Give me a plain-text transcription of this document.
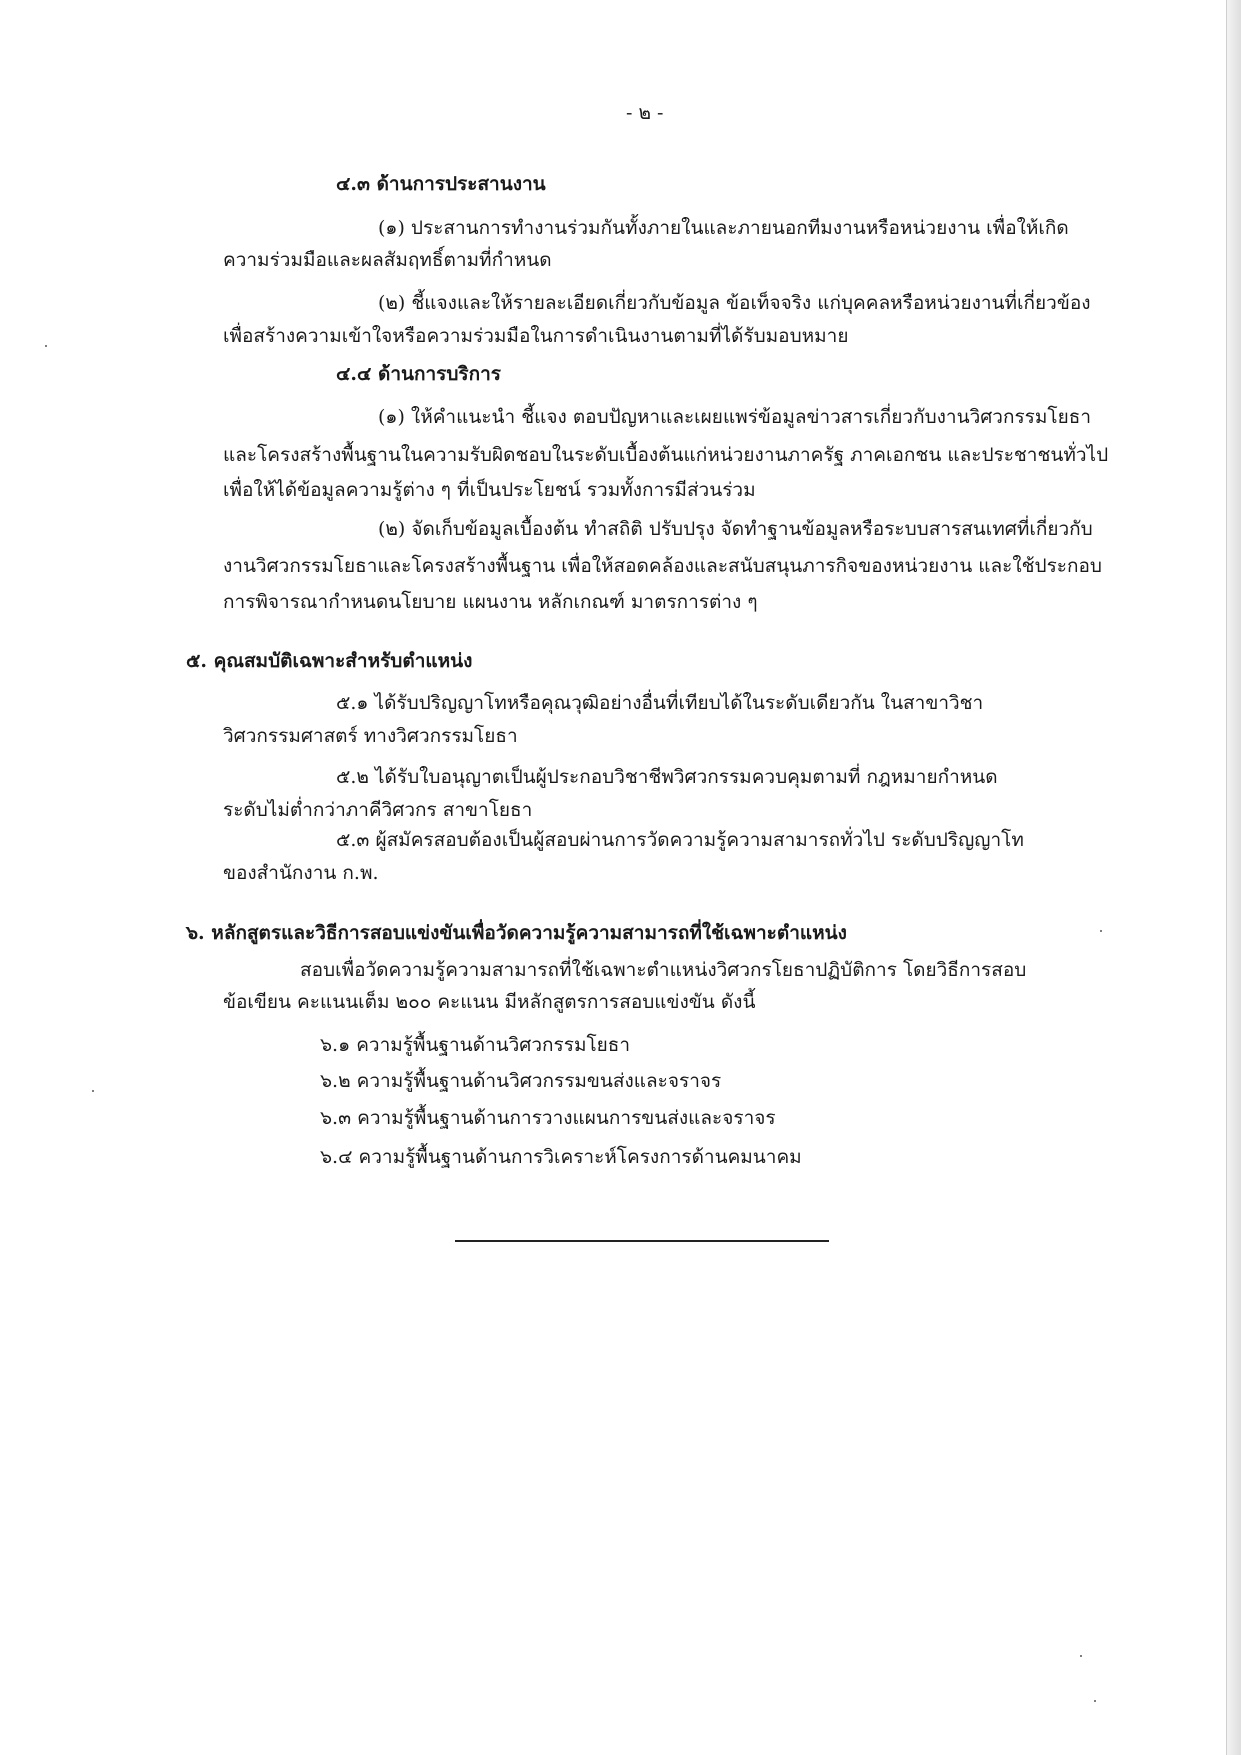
- ๒ -
๔.๓ ด้านการประสานงาน
(๑) ประสานการทำงานร่วมกันทั้งภายในและภายนอกทีมงานหรือหน่วยงาน เพื่อให้เกิด
ความร่วมมือและผลสัมฤทธิ์ตามที่กำหนด
(๒) ชี้แจงและให้รายละเอียดเกี่ยวกับข้อมูล ข้อเท็จจริง แก่บุคคลหรือหน่วยงานที่เกี่ยวข้อง
เพื่อสร้างความเข้าใจหรือความร่วมมือในการดำเนินงานตามที่ได้รับมอบหมาย
๔.๔ ด้านการบริการ
(๑) ให้คำแนะนำ ชี้แจง ตอบปัญหาและเผยแพร่ข้อมูลข่าวสารเกี่ยวกับงานวิศวกรรมโยธา
และโครงสร้างพื้นฐานในความรับผิดชอบในระดับเบื้องต้นแก่หน่วยงานภาครัฐ ภาคเอกชน และประชาชนทั่วไป
เพื่อให้ได้ข้อมูลความรู้ต่าง ๆ ที่เป็นประโยชน์ รวมทั้งการมีส่วนร่วม
(๒) จัดเก็บข้อมูลเบื้องต้น ทำสถิติ ปรับปรุง จัดทำฐานข้อมูลหรือระบบสารสนเทศที่เกี่ยวกับ
งานวิศวกรรมโยธาและโครงสร้างพื้นฐาน เพื่อให้สอดคล้องและสนับสนุนภารกิจของหน่วยงาน และใช้ประกอบ
การพิจารณากำหนดนโยบาย แผนงาน หลักเกณฑ์ มาตรการต่าง ๆ
๕. คุณสมบัติเฉพาะสำหรับตำแหน่ง
๕.๑ ได้รับปริญญาโทหรือคุณวุฒิอย่างอื่นที่เทียบได้ในระดับเดียวกัน ในสาขาวิชา
วิศวกรรมศาสตร์ ทางวิศวกรรมโยธา
๕.๒ ได้รับใบอนุญาตเป็นผู้ประกอบวิชาชีพวิศวกรรมควบคุมตามที่ กฎหมายกำหนด
ระดับไม่ต่ำกว่าภาคีวิศวกร สาขาโยธา
๕.๓ ผู้สมัครสอบต้องเป็นผู้สอบผ่านการวัดความรู้ความสามารถทั่วไป ระดับปริญญาโท
ของสำนักงาน ก.พ.
๖. หลักสูตรและวิธีการสอบแข่งขันเพื่อวัดความรู้ความสามารถที่ใช้เฉพาะตำแหน่ง
สอบเพื่อวัดความรู้ความสามารถที่ใช้เฉพาะตำแหน่งวิศวกรโยธาปฏิบัติการ โดยวิธีการสอบ
ข้อเขียน คะแนนเต็ม ๒๐๐ คะแนน มีหลักสูตรการสอบแข่งขัน ดังนี้
๖.๑ ความรู้พื้นฐานด้านวิศวกรรมโยธา
๖.๒ ความรู้พื้นฐานด้านวิศวกรรมขนส่งและจราจร
๖.๓ ความรู้พื้นฐานด้านการวางแผนการขนส่งและจราจร
๖.๔ ความรู้พื้นฐานด้านการวิเคราะห์โครงการด้านคมนาคม
